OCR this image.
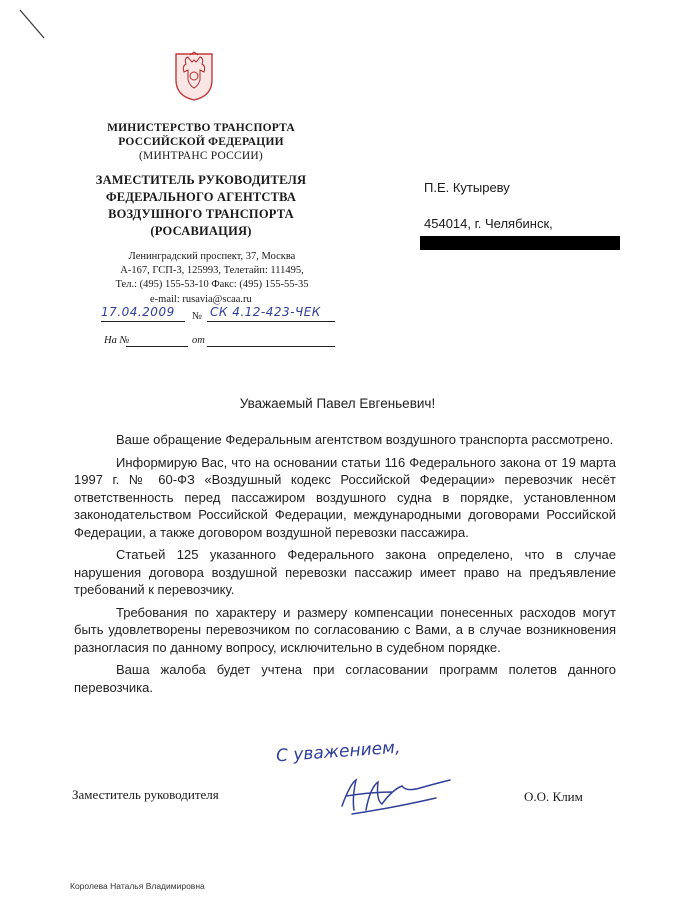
МИНИСТЕРСТВО ТРАНСПОРТА
РОССИЙСКОЙ ФЕДЕРАЦИИ
(МИНТРАНС РОССИИ)
ЗАМЕСТИТЕЛЬ РУКОВОДИТЕЛЯ
ФЕДЕРАЛЬНОГО АГЕНТСТВА
ВОЗДУШНОГО ТРАНСПОРТА
(РОСАВИАЦИЯ)
Ленинградский проспект, 37, Москва
А-167, ГСП-3, 125993, Телетайп: 111495,
Тел.: (495) 155-53-10 Факс: (495) 155-55-35
e-mail: rusavia@scaa.ru
17.04.2009 № СК 4.12-423-ЧЕК
На №	от
П.Е. Кутыреву
454014, г. Челябинск,
Уважаемый Павел Евгеньевич!

Ваше обращение Федеральным агентством воздушного транспорта рассмотрено.

Информирую Вас, что на основании статьи 116 Федерального закона от 19 марта 1997 г. № 60-ФЗ «Воздушный кодекс Российской Федерации» перевозчик несёт ответственность перед пассажиром воздушного судна в порядке, установленном законодательством Российской Федерации, международными договорами Российской Федерации, а также договором воздушной перевозки пассажира.

Статьей 125 указанного Федерального закона определено, что в случае нарушения договора воздушной перевозки пассажир имеет право на предъявление требований к перевозчику.

Требования по характеру и размеру компенсации понесенных расходов могут быть удовлетворены перевозчиком по согласованию с Вами, а в случае возникновения разногласия по данному вопросу, исключительно в судебном порядке.

Ваша жалоба будет учтена при согласовании программ полетов данного перевозчика.

С уважением,
Заместитель руководителя	О.О. Клим
Королева Наталья Владимировна
